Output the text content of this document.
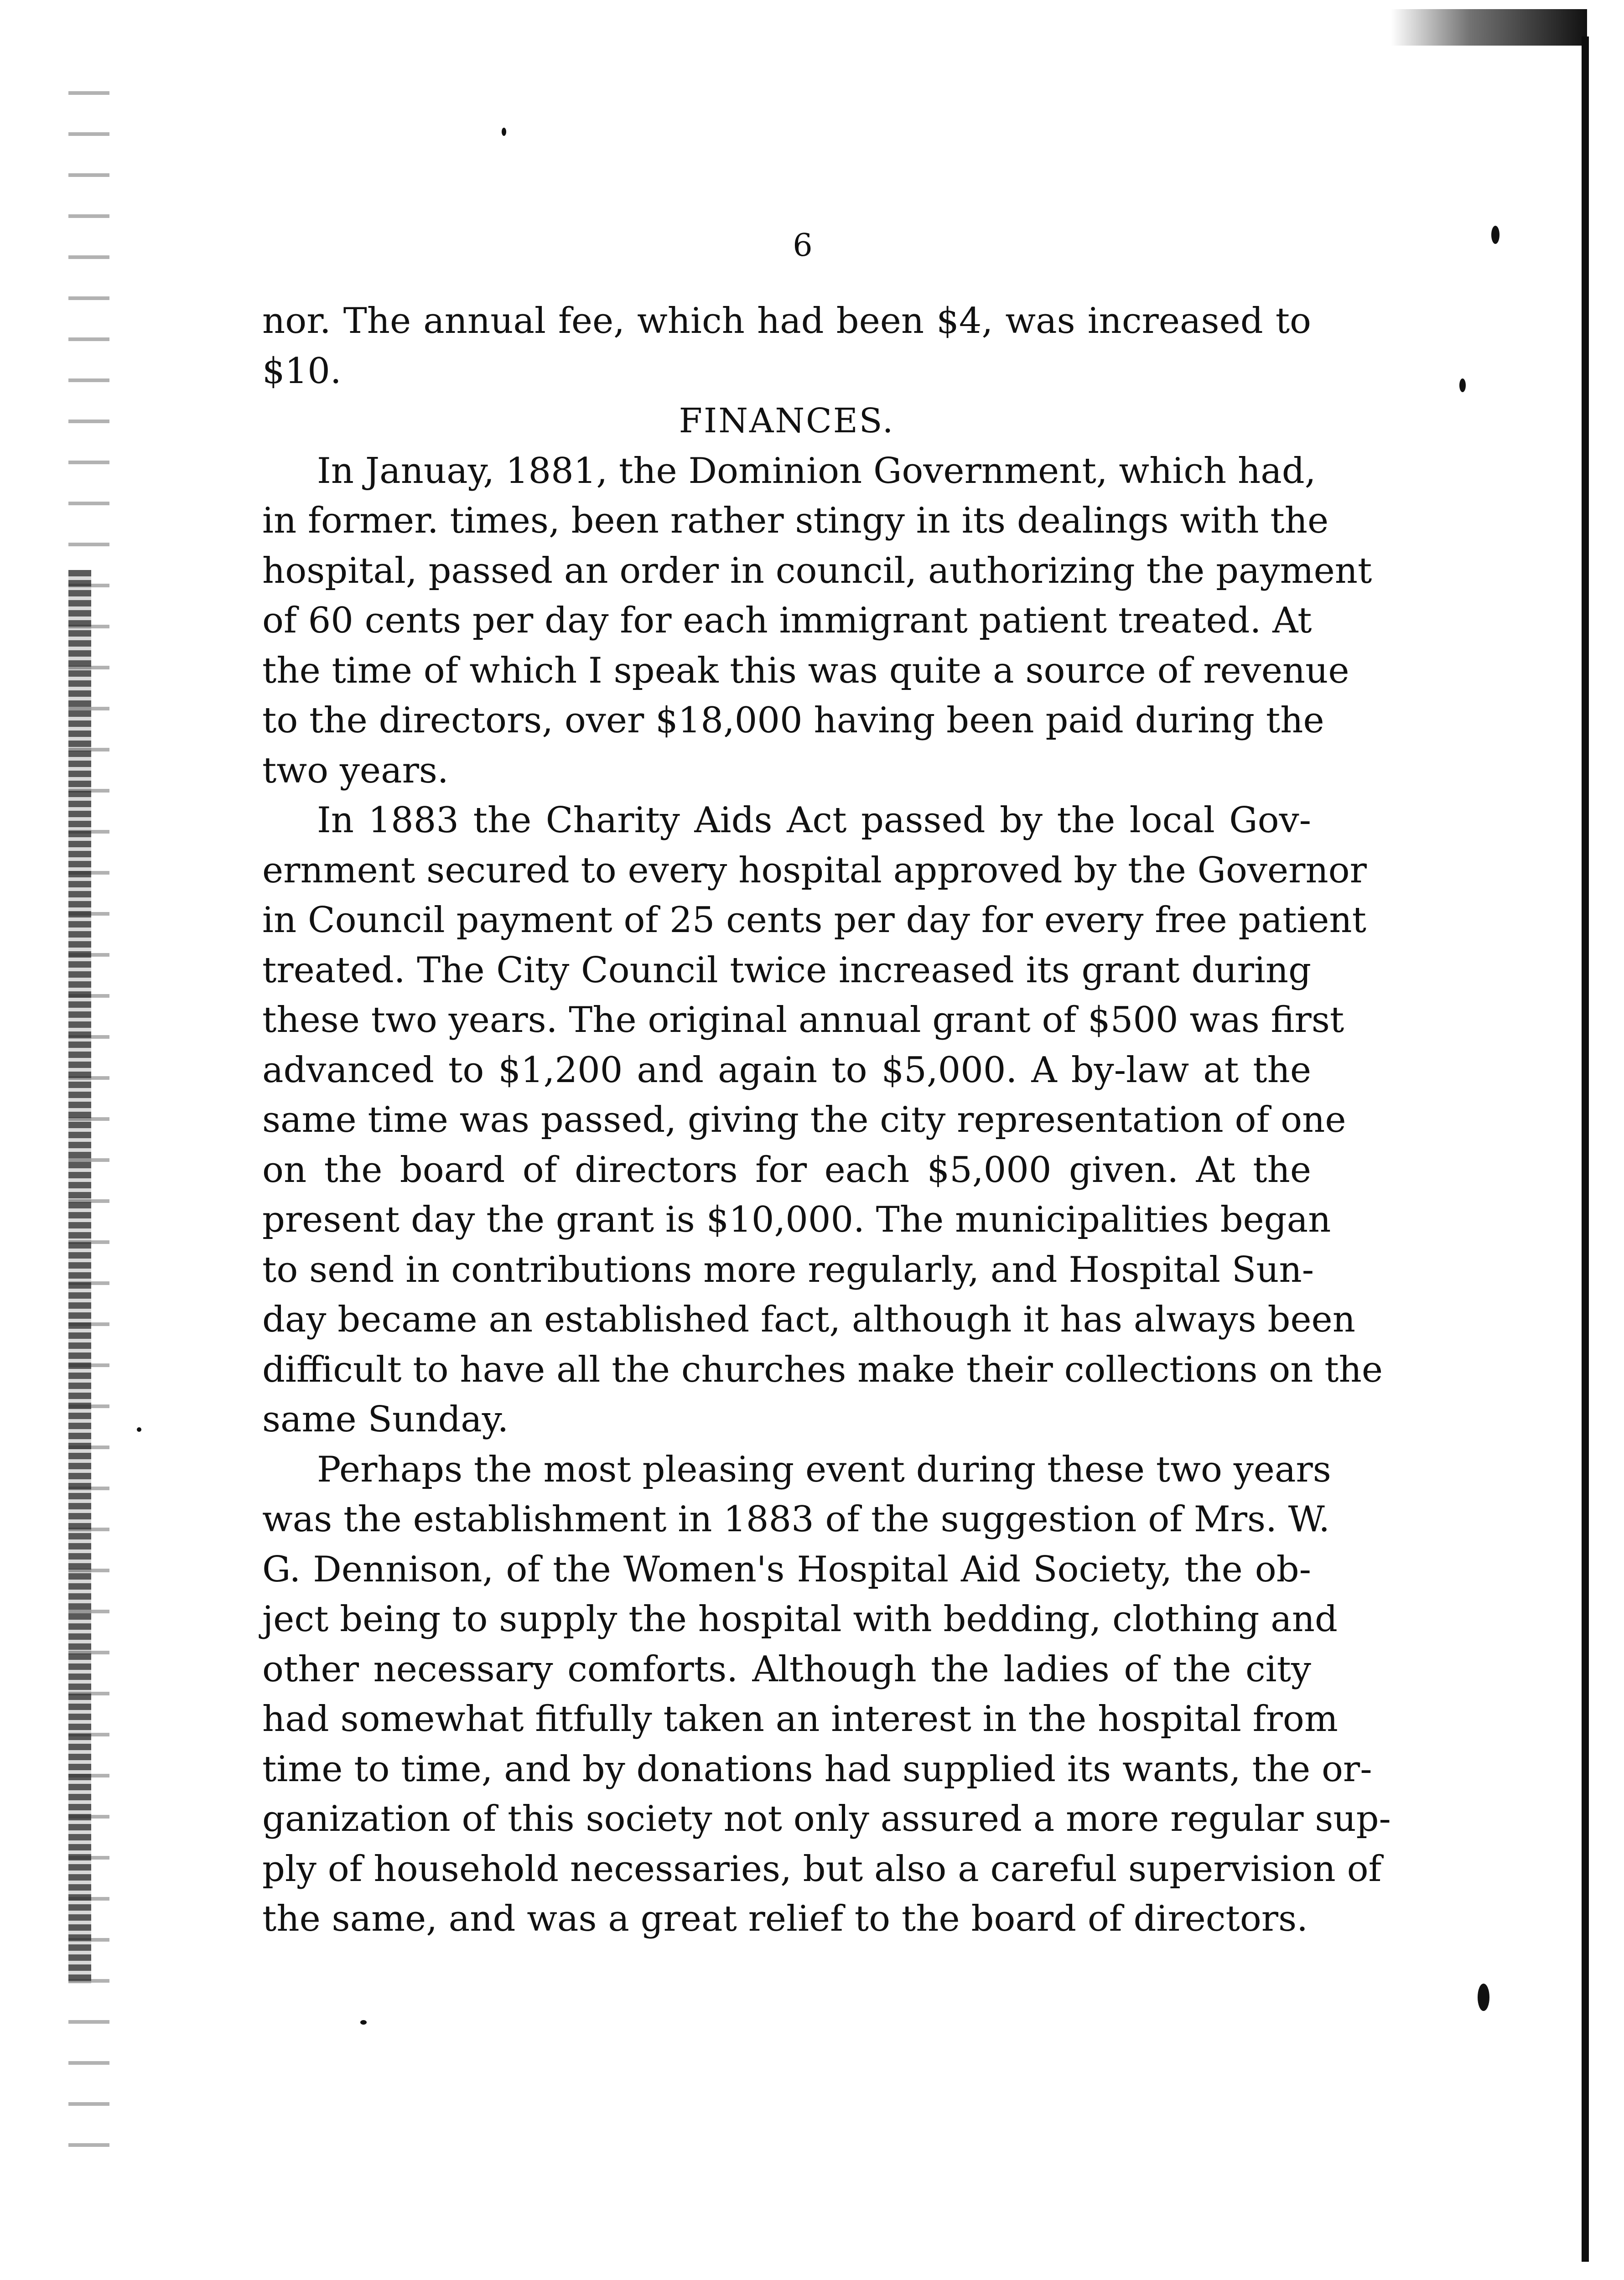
6
nor. The annual fee, which had been $4, was increased to
$10.
FINANCES.
In Januay, 1881, the Dominion Government, which had,
in former. times, been rather stingy in its dealings with the
hospital, passed an order in council, authorizing the payment
of 60 cents per day for each immigrant patient treated. At
the time of which I speak this was quite a source of revenue
to the directors, over $18,000 having been paid during the
two years.
In 1883 the Charity Aids Act passed by the local Gov-
ernment secured to every hospital approved by the Governor
in Council payment of 25 cents per day for every free patient
treated. The City Council twice increased its grant during
these two years. The original annual grant of $500 was first
advanced to $1,200 and again to $5,000. A by-law at the
same time was passed, giving the city representation of one
on the board of directors for each $5,000 given. At the
present day the grant is $10,000. The municipalities began
to send in contributions more regularly, and Hospital Sun-
day became an established fact, although it has always been
difficult to have all the churches make their collections on the
same Sunday.
Perhaps the most pleasing event during these two years
was the establishment in 1883 of the suggestion of Mrs. W.
G. Dennison, of the Women's Hospital Aid Society, the ob-
ject being to supply the hospital with bedding, clothing and
other necessary comforts. Although the ladies of the city
had somewhat fitfully taken an interest in the hospital from
time to time, and by donations had supplied its wants, the or-
ganization of this society not only assured a more regular sup-
ply of household necessaries, but also a careful supervision of
the same, and was a great relief to the board of directors.
